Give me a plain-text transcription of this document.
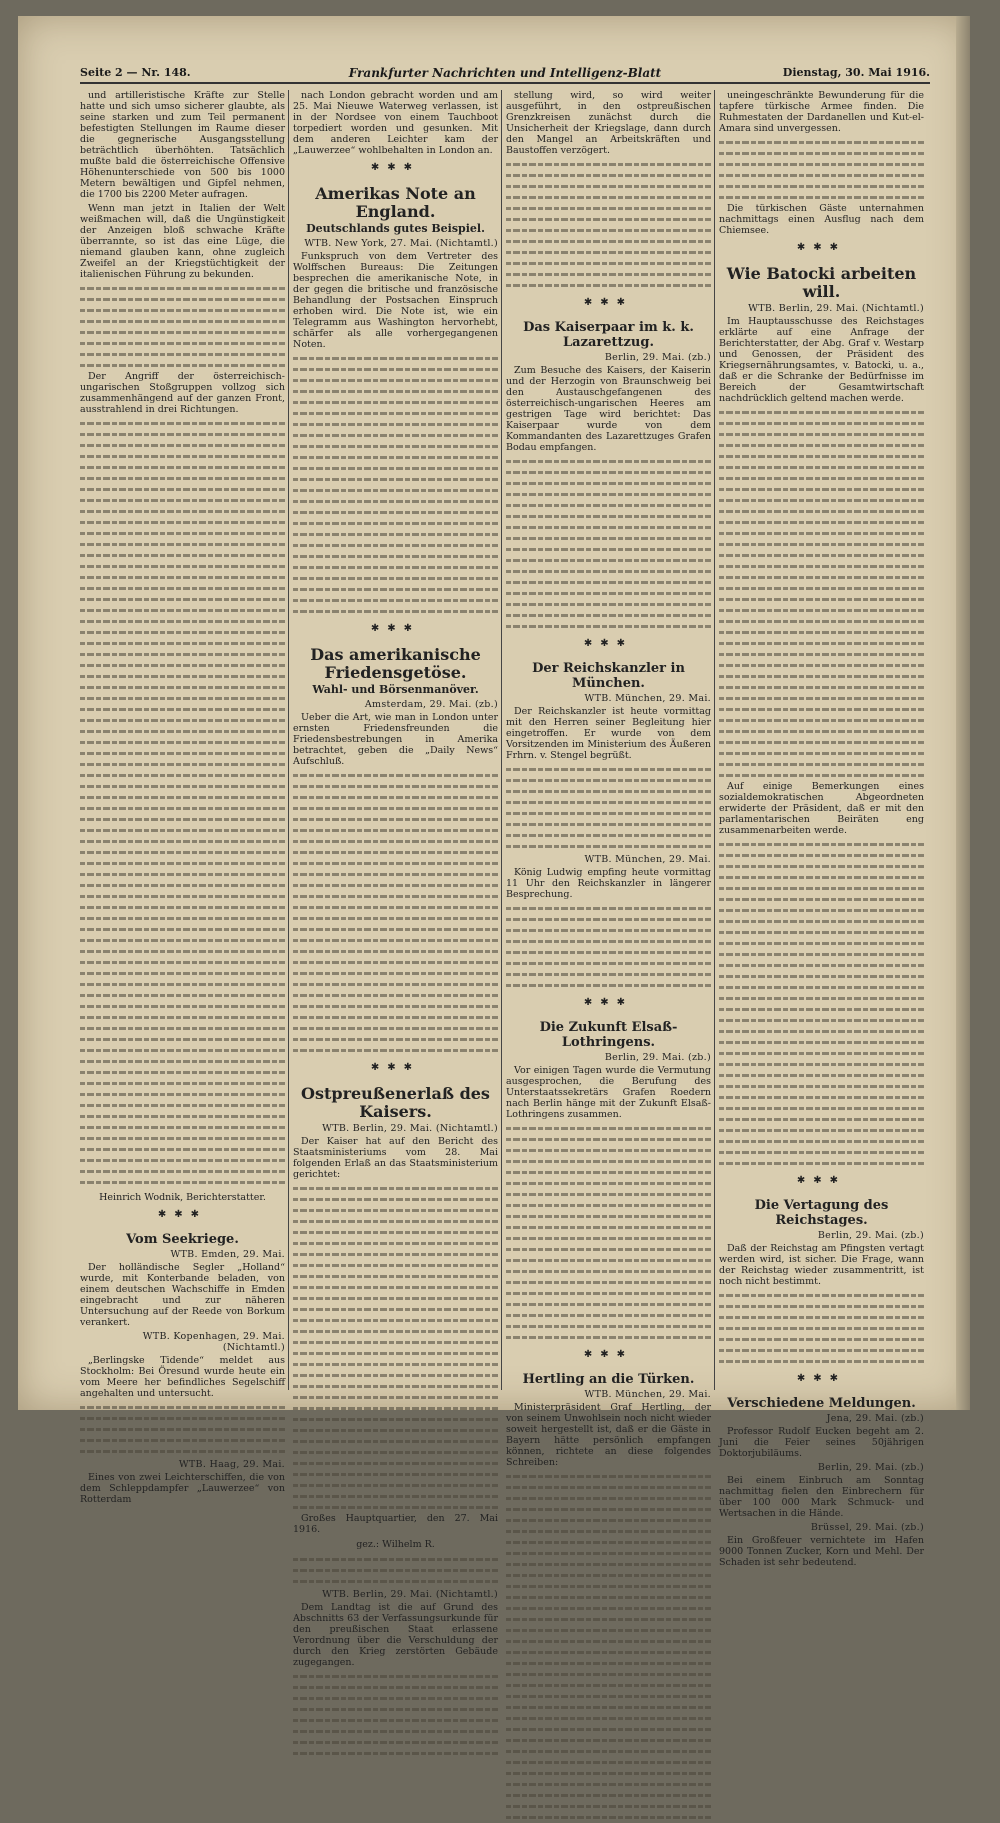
Seite 2 — Nr. 148.	Frankfurter Nachrichten und Intelligenz-Blatt	Dienstag, 30. Mai 1916.

und artilleristische Kräfte zur Stelle hatte und sich umso sicherer glaubte, als seine starken und zum Teil permanent befestigten Stellungen im Raume dieser die gegnerische Ausgangsstellung beträchtlich überhöhten. Tatsächlich mußte bald die österreichische Offensive Höhenunterschiede von 500 bis 1000 Metern bewältigen und Gipfel nehmen, die 1700 bis 2200 Meter aufragen.

Wenn man jetzt in Italien der Welt weißmachen will, daß die Ungünstigkeit der Anzeigen bloß schwache Kräfte überrannte, so ist das eine Lüge, die niemand glauben kann, ohne zugleich Zweifel an der Kriegstüchtigkeit der italienischen Führung zu bekunden.

Der Angriff der österreichisch-ungarischen Stoßgruppen vollzog sich zusammenhängend auf der ganzen Front, ausstrahlend in drei Richtungen.

Heinrich Wodnik, Berichterstatter.
✱✱✱
Vom Seekriege.
WTB. Emden, 29. Mai.

Der holländische Segler „Holland“ wurde, mit Konterbande beladen, von einem deutschen Wachschiffe in Emden eingebracht und zur näheren Untersuchung auf der Reede von Borkum verankert.

WTB. Kopenhagen, 29. Mai. (Nichtamtl.)

„Berlingske Tidende“ meldet aus Stockholm: Bei Öresund wurde heute ein vom Meere her befindliches Segelschiff angehalten und untersucht.

WTB. Haag, 29. Mai.

Eines von zwei Leichterschiffen, die von dem Schleppdampfer „Lauwerzee“ von Rotterdam

nach London gebracht worden und am 25. Mai Nieuwe Waterweg verlassen, ist in der Nordsee von einem Tauchboot torpediert worden und gesunken. Mit dem anderen Leichter kam der „Lauwerzee“ wohlbehalten in London an.

✱✱✱
Amerikas Note an England.
Deutschlands gutes Beispiel.
WTB. New York, 27. Mai. (Nichtamtl.)

Funkspruch von dem Vertreter des Wolffschen Bureaus: Die Zeitungen besprechen die amerikanische Note, in der gegen die britische und französische Behandlung der Postsachen Einspruch erhoben wird. Die Note ist, wie ein Telegramm aus Washington hervorhebt, schärfer als alle vorhergegangenen Noten.

✱✱✱
Das amerikanische Friedensgetöse.
Wahl- und Börsenmanöver.
Amsterdam, 29. Mai. (zb.)

Ueber die Art, wie man in London unter ernsten Friedensfreunden die Friedensbestrebungen in Amerika betrachtet, geben die „Daily News“ Aufschluß.

✱✱✱
Ostpreußenerlaß des Kaisers.
WTB. Berlin, 29. Mai. (Nichtamtl.)

Der Kaiser hat auf den Bericht des Staatsministeriums vom 28. Mai folgenden Erlaß an das Staatsministerium gerichtet:

Großes Hauptquartier, den 27. Mai 1916.

gez.: Wilhelm R.
WTB. Berlin, 29. Mai. (Nichtamtl.)

Dem Landtag ist die auf Grund des Abschnitts 63 der Verfassungsurkunde für den preußischen Staat erlassene Verordnung über die Verschuldung der durch den Krieg zerstörten Gebäude zugegangen.

stellung wird, so wird weiter ausgeführt, in den ostpreußischen Grenzkreisen zunächst durch die Unsicherheit der Kriegslage, dann durch den Mangel an Arbeitskräften und Baustoffen verzögert.

✱✱✱
Das Kaiserpaar im k. k. Lazarettzug.
Berlin, 29. Mai. (zb.)

Zum Besuche des Kaisers, der Kaiserin und der Herzogin von Braunschweig bei den Austauschgefangenen des österreichisch-ungarischen Heeres am gestrigen Tage wird berichtet: Das Kaiserpaar wurde von dem Kommandanten des Lazarettzuges Grafen Bodau empfangen.

✱✱✱
Der Reichskanzler in München.
WTB. München, 29. Mai.

Der Reichskanzler ist heute vormittag mit den Herren seiner Begleitung hier eingetroffen. Er wurde von dem Vorsitzenden im Ministerium des Äußeren Frhrn. v. Stengel begrüßt.

WTB. München, 29. Mai.

König Ludwig empfing heute vormittag 11 Uhr den Reichskanzler in längerer Besprechung.

✱✱✱
Die Zukunft Elsaß-Lothringens.
Berlin, 29. Mai. (zb.)

Vor einigen Tagen wurde die Vermutung ausgesprochen, die Berufung des Unterstaatssekretärs Grafen Roedern nach Berlin hänge mit der Zukunft Elsaß-Lothringens zusammen.

✱✱✱
Hertling an die Türken.
WTB. München, 29. Mai.

Ministerpräsident Graf Hertling, der von seinem Unwohlsein noch nicht wieder soweit hergestellt ist, daß er die Gäste in Bayern hätte persönlich empfangen können, richtete an diese folgendes Schreiben:

uneingeschränkte Bewunderung für die tapfere türkische Armee finden. Die Ruhmestaten der Dardanellen und Kut-el-Amara sind unvergessen.

Die türkischen Gäste unternahmen nachmittags einen Ausflug nach dem Chiemsee.

✱✱✱
Wie Batocki arbeiten will.
WTB. Berlin, 29. Mai. (Nichtamtl.)

Im Hauptausschusse des Reichstages erklärte auf eine Anfrage der Berichterstatter, der Abg. Graf v. Westarp und Genossen, der Präsident des Kriegsernährungsamtes, v. Batocki, u. a., daß er die Schranke der Bedürfnisse im Bereich der Gesamtwirtschaft nachdrücklich geltend machen werde.

Auf einige Bemerkungen eines sozialdemokratischen Abgeordneten erwiderte der Präsident, daß er mit den parlamentarischen Beiräten eng zusammenarbeiten werde.

✱✱✱
Die Vertagung des Reichstages.
Berlin, 29. Mai. (zb.)

Daß der Reichstag am Pfingsten vertagt werden wird, ist sicher. Die Frage, wann der Reichstag wieder zusammentritt, ist noch nicht bestimmt.

✱✱✱
Verschiedene Meldungen.
Jena, 29. Mai. (zb.)

Professor Rudolf Eucken begeht am 2. Juni die Feier seines 50jährigen Doktorjubiläums.

Berlin, 29. Mai. (zb.)

Bei einem Einbruch am Sonntag nachmittag fielen den Einbrechern für über 100 000 Mark Schmuck- und Wertsachen in die Hände.

Brüssel, 29. Mai. (zb.)

Ein Großfeuer vernichtete im Hafen 9000 Tonnen Zucker, Korn und Mehl. Der Schaden ist sehr bedeutend.
